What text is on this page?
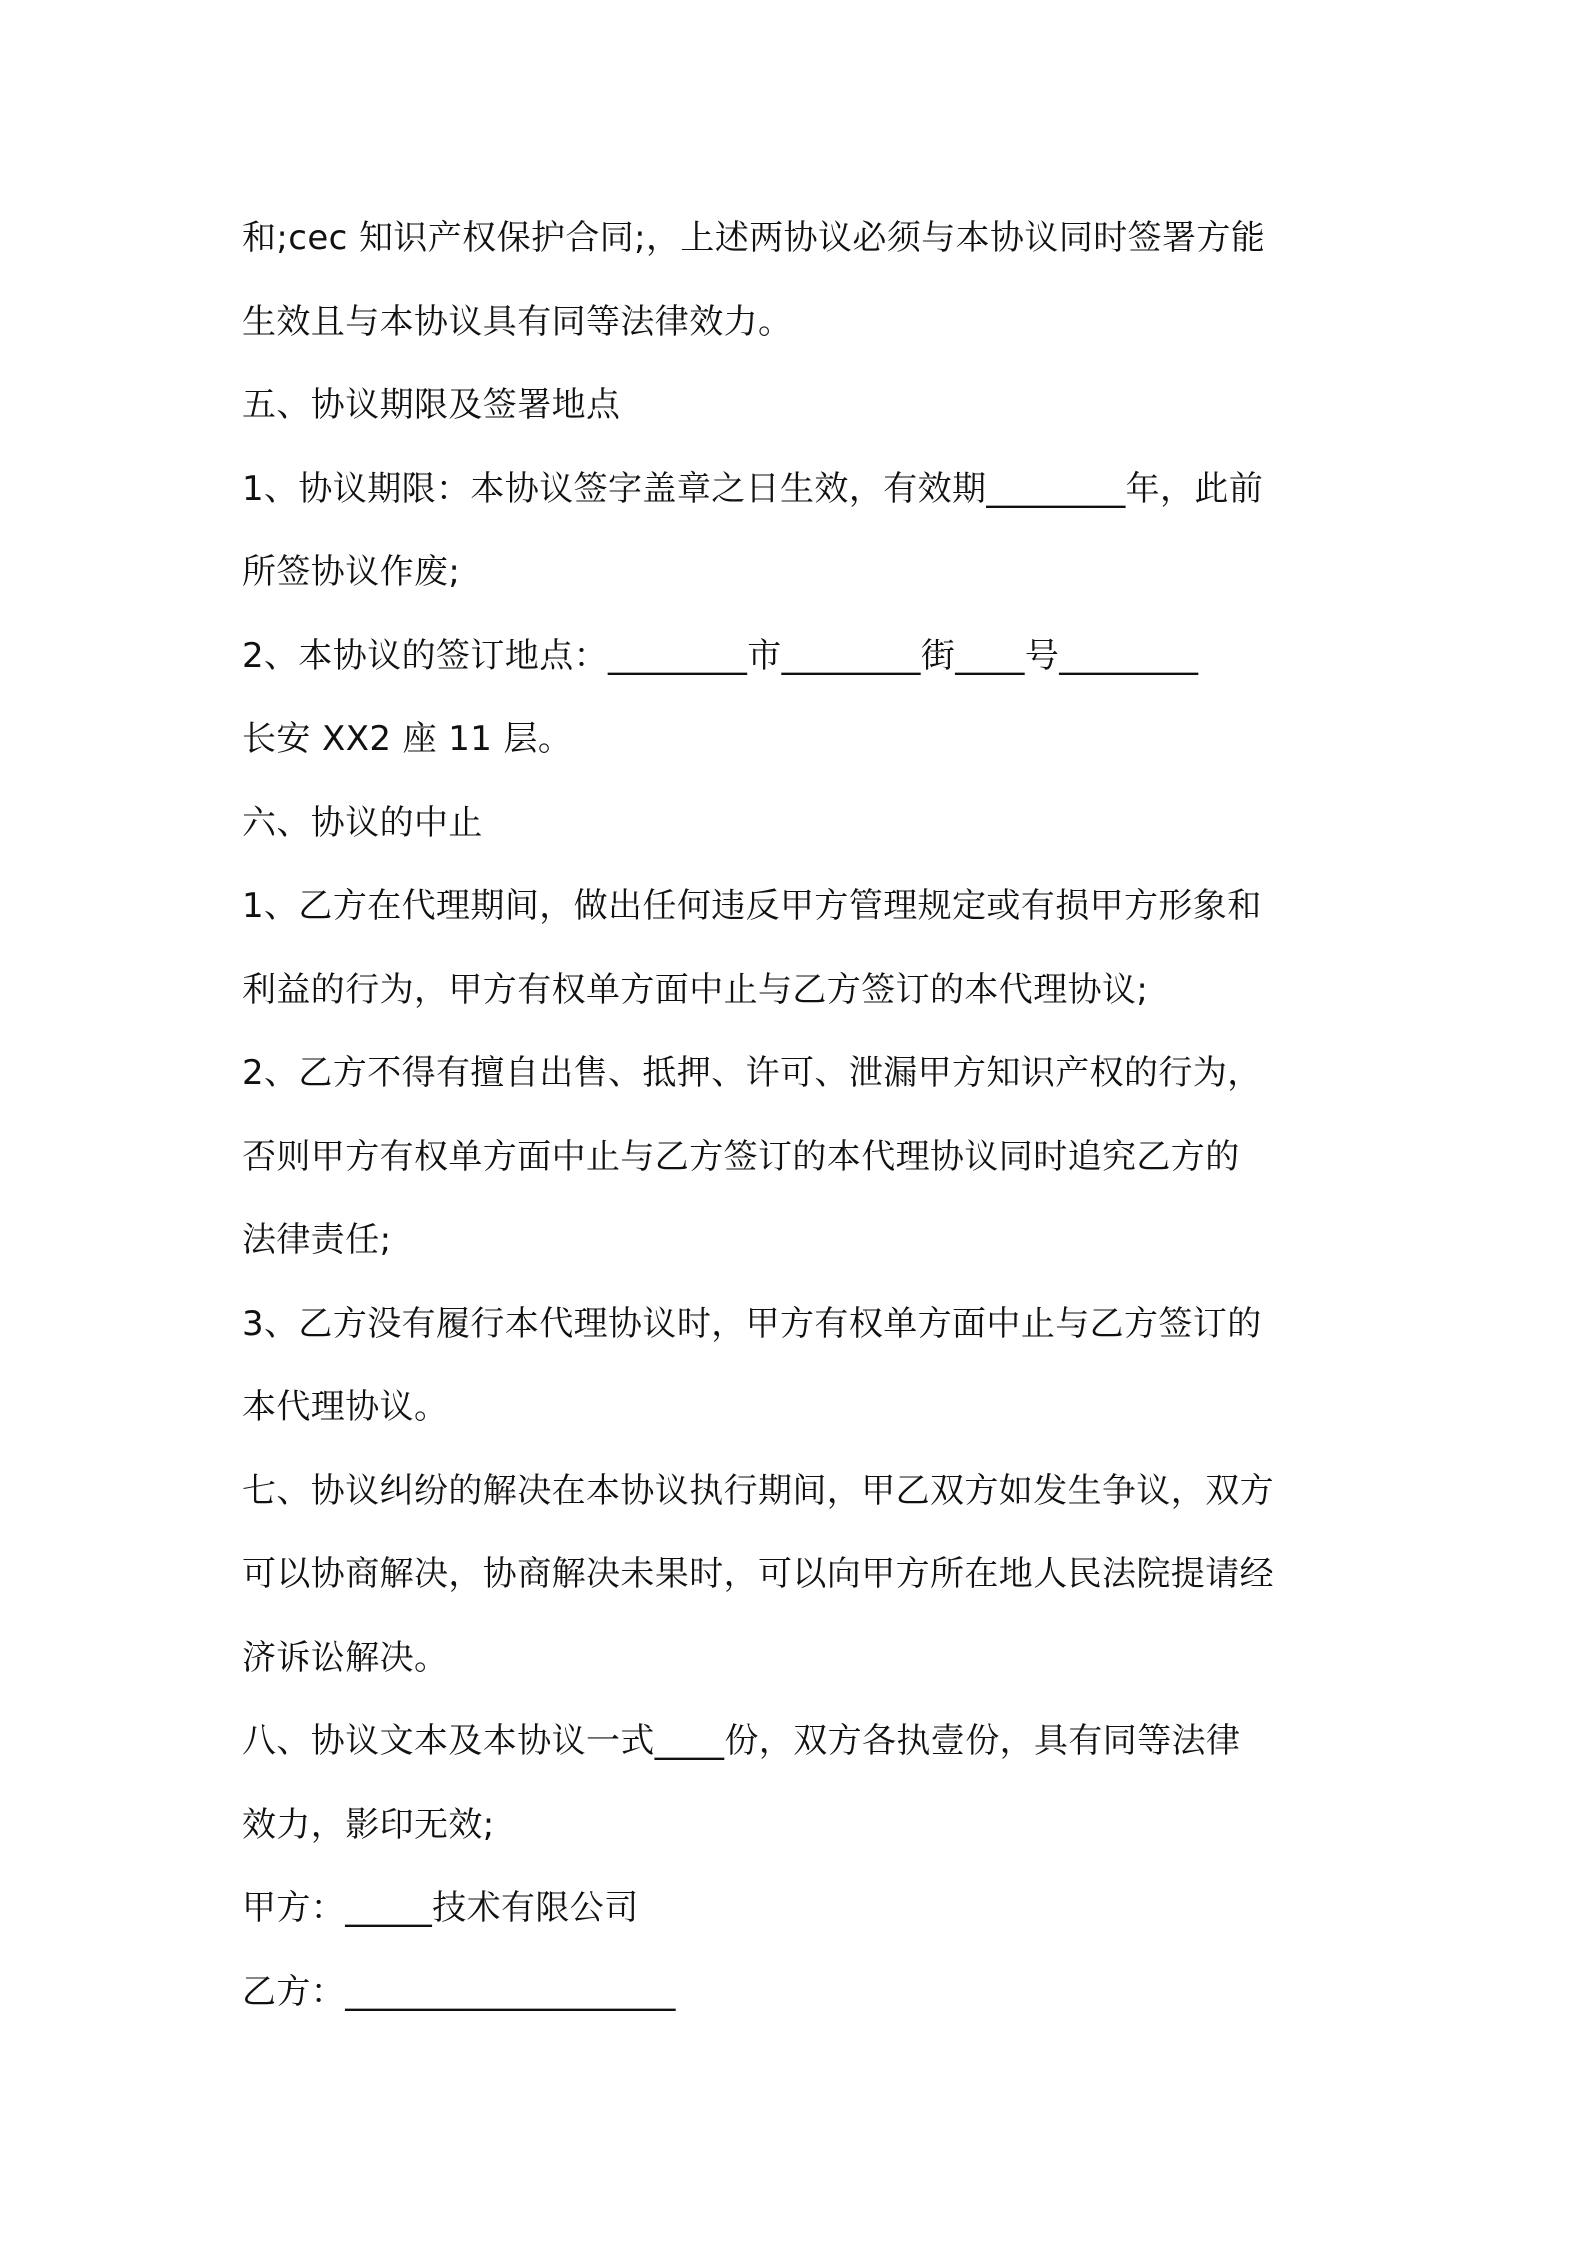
和;cec 知识产权保护合同;，上述两协议必须与本协议同时签署方能

生效且与本协议具有同等法律效力。

五、协议期限及签署地点

1、协议期限：本协议签字盖章之日生效，有效期________年，此前

所签协议作废;

2、本协议的签订地点：________市________街____号________

长安 XX2 座 11 层。

六、协议的中止

1、乙方在代理期间，做出任何违反甲方管理规定或有损甲方形象和

利益的行为，甲方有权单方面中止与乙方签订的本代理协议;

2、乙方不得有擅自出售、抵押、许可、泄漏甲方知识产权的行为，

否则甲方有权单方面中止与乙方签订的本代理协议同时追究乙方的

法律责任;

3、乙方没有履行本代理协议时，甲方有权单方面中止与乙方签订的

本代理协议。

七、协议纠纷的解决在本协议执行期间，甲乙双方如发生争议，双方

可以协商解决，协商解决未果时，可以向甲方所在地人民法院提请经

济诉讼解决。

八、协议文本及本协议一式____份，双方各执壹份，具有同等法律

效力，影印无效;

甲方：_____技术有限公司

乙方：___________________
